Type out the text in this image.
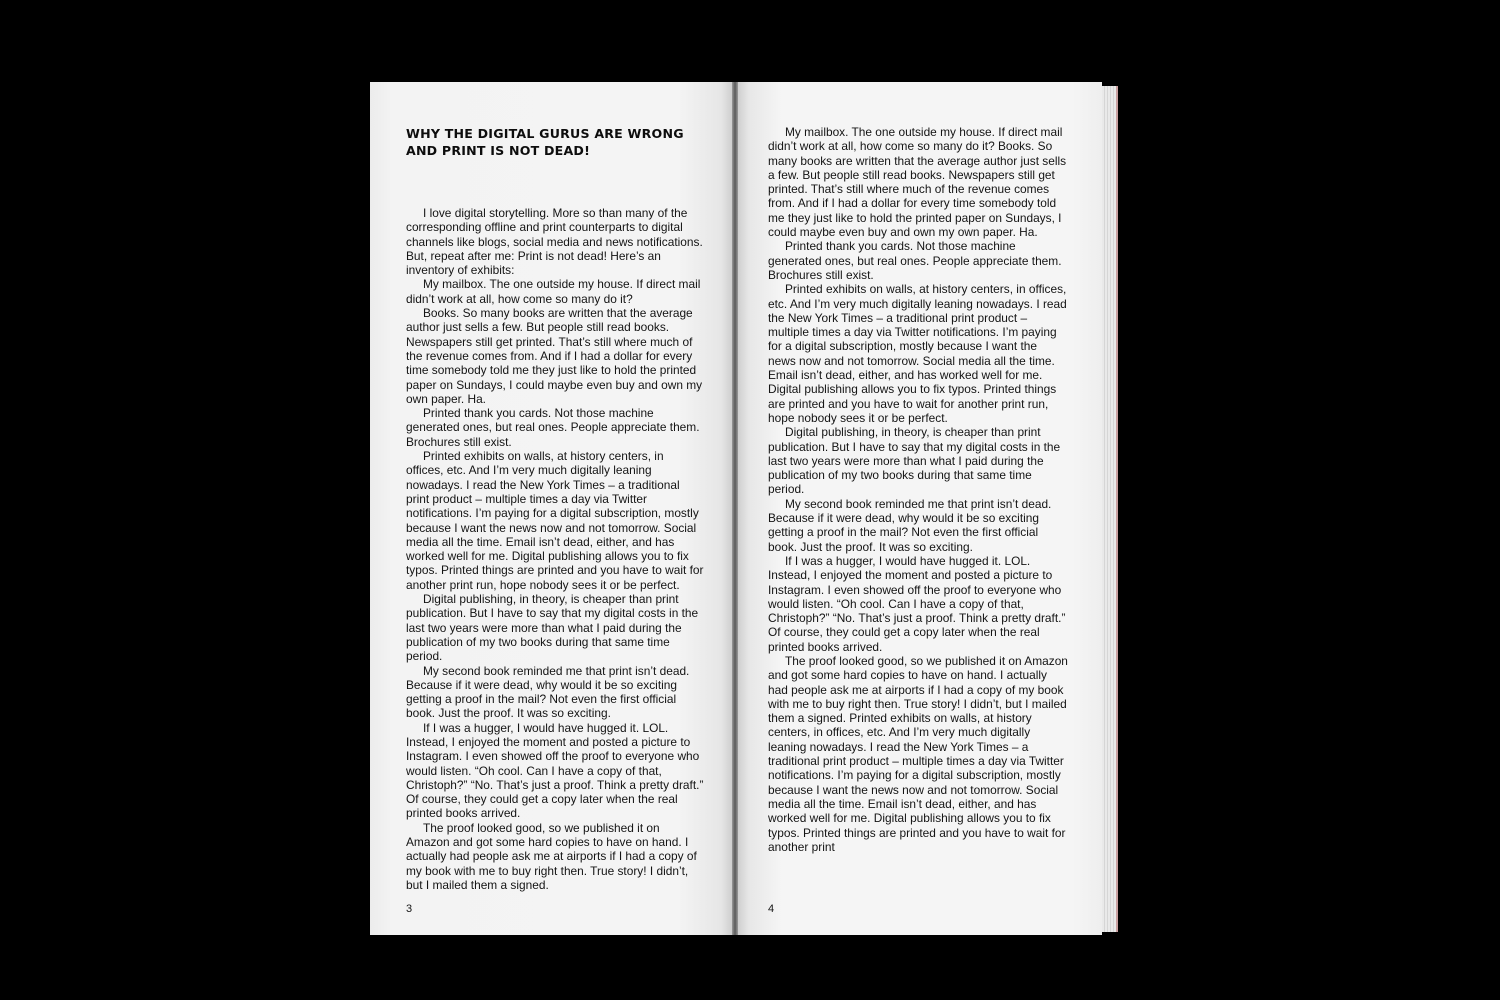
WHY THE DIGITAL GURUS ARE WRONG AND PRINT IS NOT DEAD!

I love digital storytelling. More so than many of the corresponding offline and print counterparts to digital channels like blogs, social media and news notifications. But, repeat after me: Print is not dead! Here’s an inventory of exhibits:

My mailbox. The one outside my house. If direct mail didn’t work at all, how come so many do it?

Books. So many books are written that the average author just sells a few. But people still read books. Newspapers still get printed. That’s still where much of the revenue comes from. And if I had a dollar for every time somebody told me they just like to hold the printed paper on Sundays, I could maybe even buy and own my own paper. Ha.

Printed thank you cards. Not those machine generated ones, but real ones. People appreciate them. Brochures still exist.

Printed exhibits on walls, at history centers, in offices, etc. And I’m very much digitally leaning nowadays. I read the New York Times – a traditional print product – multiple times a day via Twitter notifications. I’m paying for a digital subscription, mostly because I want the news now and not tomorrow. Social media all the time. Email isn’t dead, either, and has worked well for me. Digital publishing allows you to fix typos. Printed things are printed and you have to wait for another print run, hope nobody sees it or be perfect.

Digital publishing, in theory, is cheaper than print publication. But I have to say that my digital costs in the last two years were more than what I paid during the publication of my two books during that same time period.

My second book reminded me that print isn’t dead. Because if it were dead, why would it be so exciting getting a proof in the mail? Not even the first official book. Just the proof. It was so exciting.

If I was a hugger, I would have hugged it. LOL. Instead, I enjoyed the moment and posted a picture to Instagram. I even showed off the proof to everyone who would listen. “Oh cool. Can I have a copy of that, Christoph?” “No. That’s just a proof. Think a pretty draft.” Of course, they could get a copy later when the real printed books arrived.

The proof looked good, so we published it on Amazon and got some hard copies to have on hand. I actually had people ask me at airports if I had a copy of my book with me to buy right then. True story! I didn’t, but I mailed them a signed.

3

My mailbox. The one outside my house. If direct mail didn’t work at all, how come so many do it? Books. So many books are written that the average author just sells a few. But people still read books. Newspapers still get printed. That’s still where much of the revenue comes from. And if I had a dollar for every time somebody told me they just like to hold the printed paper on Sundays, I could maybe even buy and own my own paper. Ha.

Printed thank you cards. Not those machine generated ones, but real ones. People appreciate them. Brochures still exist.

Printed exhibits on walls, at history centers, in offices, etc. And I’m very much digitally leaning nowadays. I read the New York Times – a traditional print product – multiple times a day via Twitter notifications. I’m paying for a digital subscription, mostly because I want the news now and not tomorrow. Social media all the time. Email isn’t dead, either, and has worked well for me. Digital publishing allows you to fix typos. Printed things are printed and you have to wait for another print run, hope nobody sees it or be perfect.

Digital publishing, in theory, is cheaper than print publication. But I have to say that my digital costs in the last two years were more than what I paid during the publication of my two books during that same time period.

My second book reminded me that print isn’t dead. Because if it were dead, why would it be so exciting getting a proof in the mail? Not even the first official book. Just the proof. It was so exciting.

If I was a hugger, I would have hugged it. LOL. Instead, I enjoyed the moment and posted a picture to Instagram. I even showed off the proof to everyone who would listen. “Oh cool. Can I have a copy of that, Christoph?” “No. That’s just a proof. Think a pretty draft.” Of course, they could get a copy later when the real printed books arrived.

The proof looked good, so we published it on Amazon and got some hard copies to have on hand. I actually had people ask me at airports if I had a copy of my book with me to buy right then. True story! I didn’t, but I mailed them a signed. Printed exhibits on walls, at history centers, in offices, etc. And I’m very much digitally leaning nowadays. I read the New York Times – a traditional print product – multiple times a day via Twitter notifications. I’m paying for a digital subscription, mostly because I want the news now and not tomorrow. Social media all the time. Email isn’t dead, either, and has worked well for me. Digital publishing allows you to fix typos. Printed things are printed and you have to wait for another print

4
